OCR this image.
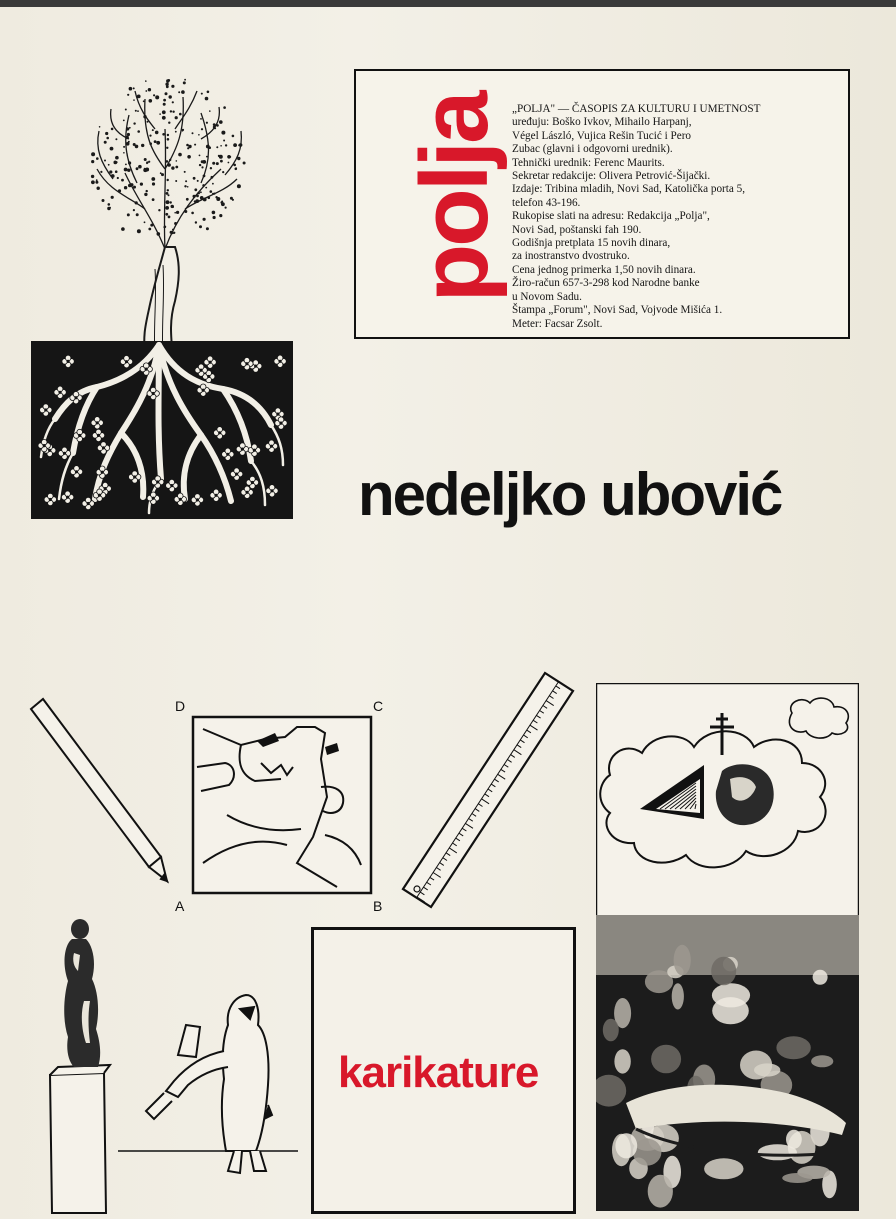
polja „POLJA" — ČASOPIS ZA KULTURU I UMETNOST

uređuju: Boško Ivkov, Mihailo Harpanj,

Végel László, Vujica Rešin Tucić i Pero

Zubac (glavni i odgovorni urednik).

Tehnički urednik: Ferenc Maurits.

Sekretar redakcije: Olivera Petrović-Šijački.

Izdaje: Tribina mladih, Novi Sad, Katolička porta 5,

telefon 43-196.

Rukopise slati na adresu: Redakcija „Polja",

Novi Sad, poštanski fah 190.

Godišnja pretplata 15 novih dinara,

za inostranstvo dvostruko.

Cena jednog primerka 1,50 novih dinara.

Žiro-račun 657-3-298 kod Narodne banke

u Novom Sadu.

Štampa „Forum", Novi Sad, Vojvode Mišića 1.

Meter: Facsar Zsolt.

nedeljko ubović
D	C
A	B
karikature
